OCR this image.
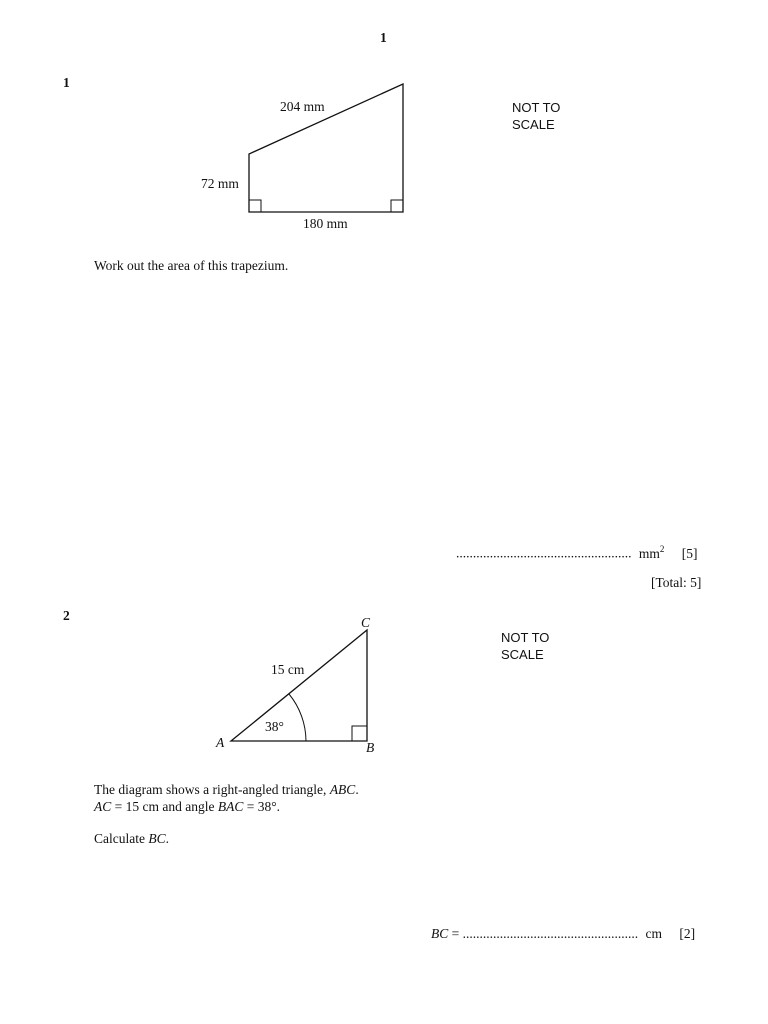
1
1
204 mm
72 mm
180 mm
NOT TO
SCALE
Work out the area of this trapezium.
.................................................... $mm^2$ [5]
[Total: 5]
2
A	B
C
15 cm
38°
NOT TO
SCALE
The diagram shows a right-angled triangle, ABC.
AC = 15 cm and angle BAC = 38°.
Calculate BC.
BC = .................................................... cm [2]
